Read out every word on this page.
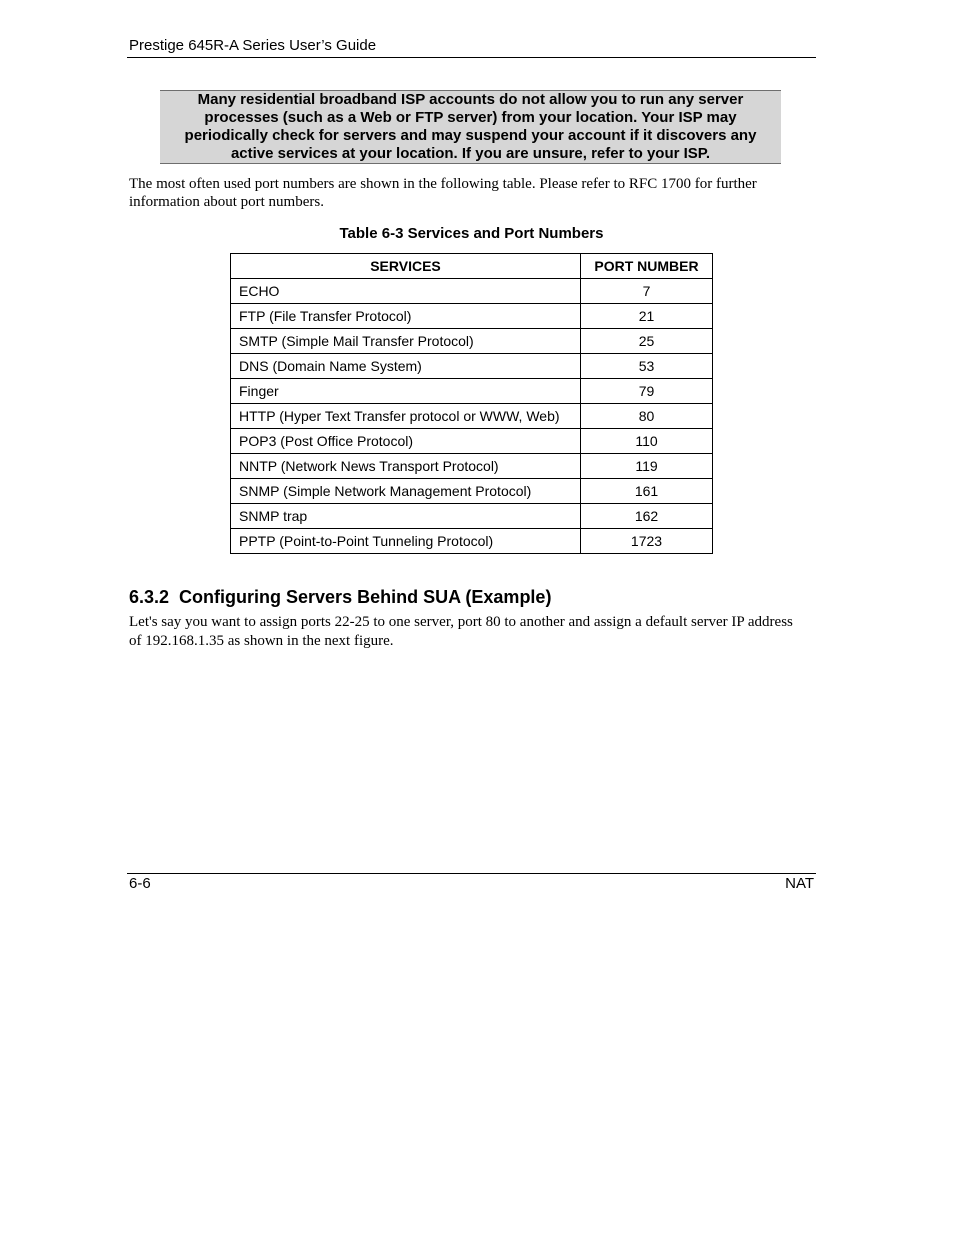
Prestige 645R-A Series User’s Guide
Many residential broadband ISP accounts do not allow you to run any server processes (such as a Web or FTP server) from your location. Your ISP may periodically check for servers and may suspend your account if it discovers any active services at your location. If you are unsure, refer to your ISP.
The most often used port numbers are shown in the following table. Please refer to RFC 1700 for further information about port numbers.
Table 6-3 Services and Port Numbers
SERVICES	PORT NUMBER
ECHO	7
FTP (File Transfer Protocol)	21
SMTP (Simple Mail Transfer Protocol)	25
DNS (Domain Name System)	53
Finger	79
HTTP (Hyper Text Transfer protocol or WWW, Web)	80
POP3 (Post Office Protocol)	110
NNTP (Network News Transport Protocol)	119
SNMP (Simple Network Management Protocol)	161
SNMP trap	162
PPTP (Point-to-Point Tunneling Protocol)	1723
6.3.2 Configuring Servers Behind SUA (Example)
Let's say you want to assign ports 22-25 to one server, port 80 to another and assign a default server IP address of 192.168.1.35 as shown in the next figure.
6-6	NAT
